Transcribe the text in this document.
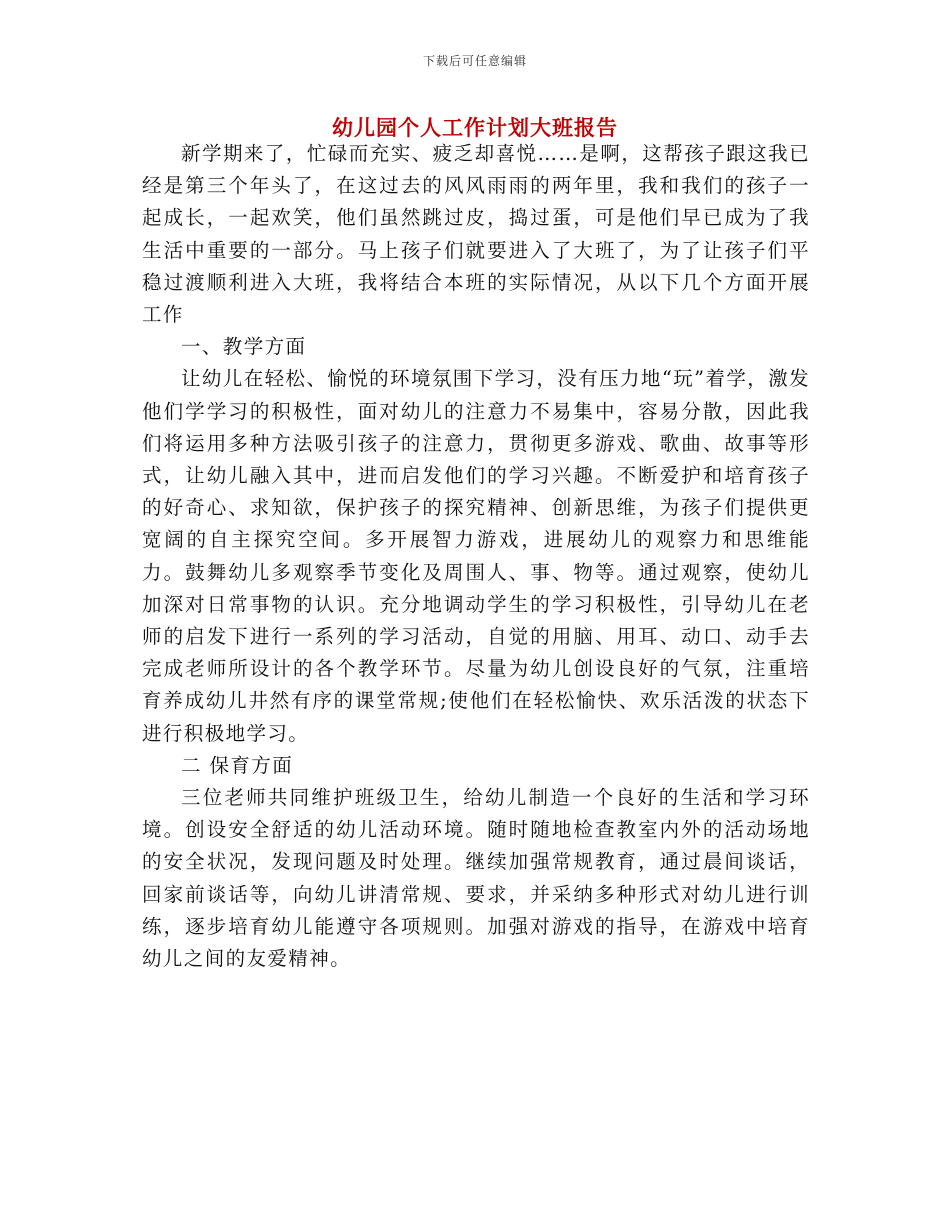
下载后可任意编辑
幼儿园个人工作计划大班报告

新学期来了，忙碌而充实、疲乏却喜悦……是啊，这帮孩子跟这我已经是第三个年头了，在这过去的风风雨雨的两年里，我和我们的孩子一起成长，一起欢笑，他们虽然跳过皮，捣过蛋，可是他们早已成为了我生活中重要的一部分。马上孩子们就要进入了大班了，为了让孩子们平稳过渡顺利进入大班，我将结合本班的实际情况，从以下几个方面开展工作

一、教学方面

让幼儿在轻松、愉悦的环境氛围下学习，没有压力地“玩”着学，激发他们学学习的积极性，面对幼儿的注意力不易集中，容易分散，因此我们将运用多种方法吸引孩子的注意力，贯彻更多游戏、歌曲、故事等形式，让幼儿融入其中，进而启发他们的学习兴趣。不断爱护和培育孩子的好奇心、求知欲，保护孩子的探究精神、创新思维，为孩子们提供更宽阔的自主探究空间。多开展智力游戏，进展幼儿的观察力和思维能力。鼓舞幼儿多观察季节变化及周围人、事、物等。通过观察，使幼儿加深对日常事物的认识。充分地调动学生的学习积极性，引导幼儿在老师的启发下进行一系列的学习活动，自觉的用脑、用耳、动口、动手去完成老师所设计的各个教学环节。尽量为幼儿创设良好的气氛，注重培育养成幼儿井然有序的课堂常规;使他们在轻松愉快、欢乐活泼的状态下进行积极地学习。

二 保育方面

三位老师共同维护班级卫生，给幼儿制造一个良好的生活和学习环境。创设安全舒适的幼儿活动环境。随时随地检查教室内外的活动场地的安全状况，发现问题及时处理。继续加强常规教育，通过晨间谈话，回家前谈话等，向幼儿讲清常规、要求，并采纳多种形式对幼儿进行训练，逐步培育幼儿能遵守各项规则。加强对游戏的指导，在游戏中培育幼儿之间的友爱精神。
